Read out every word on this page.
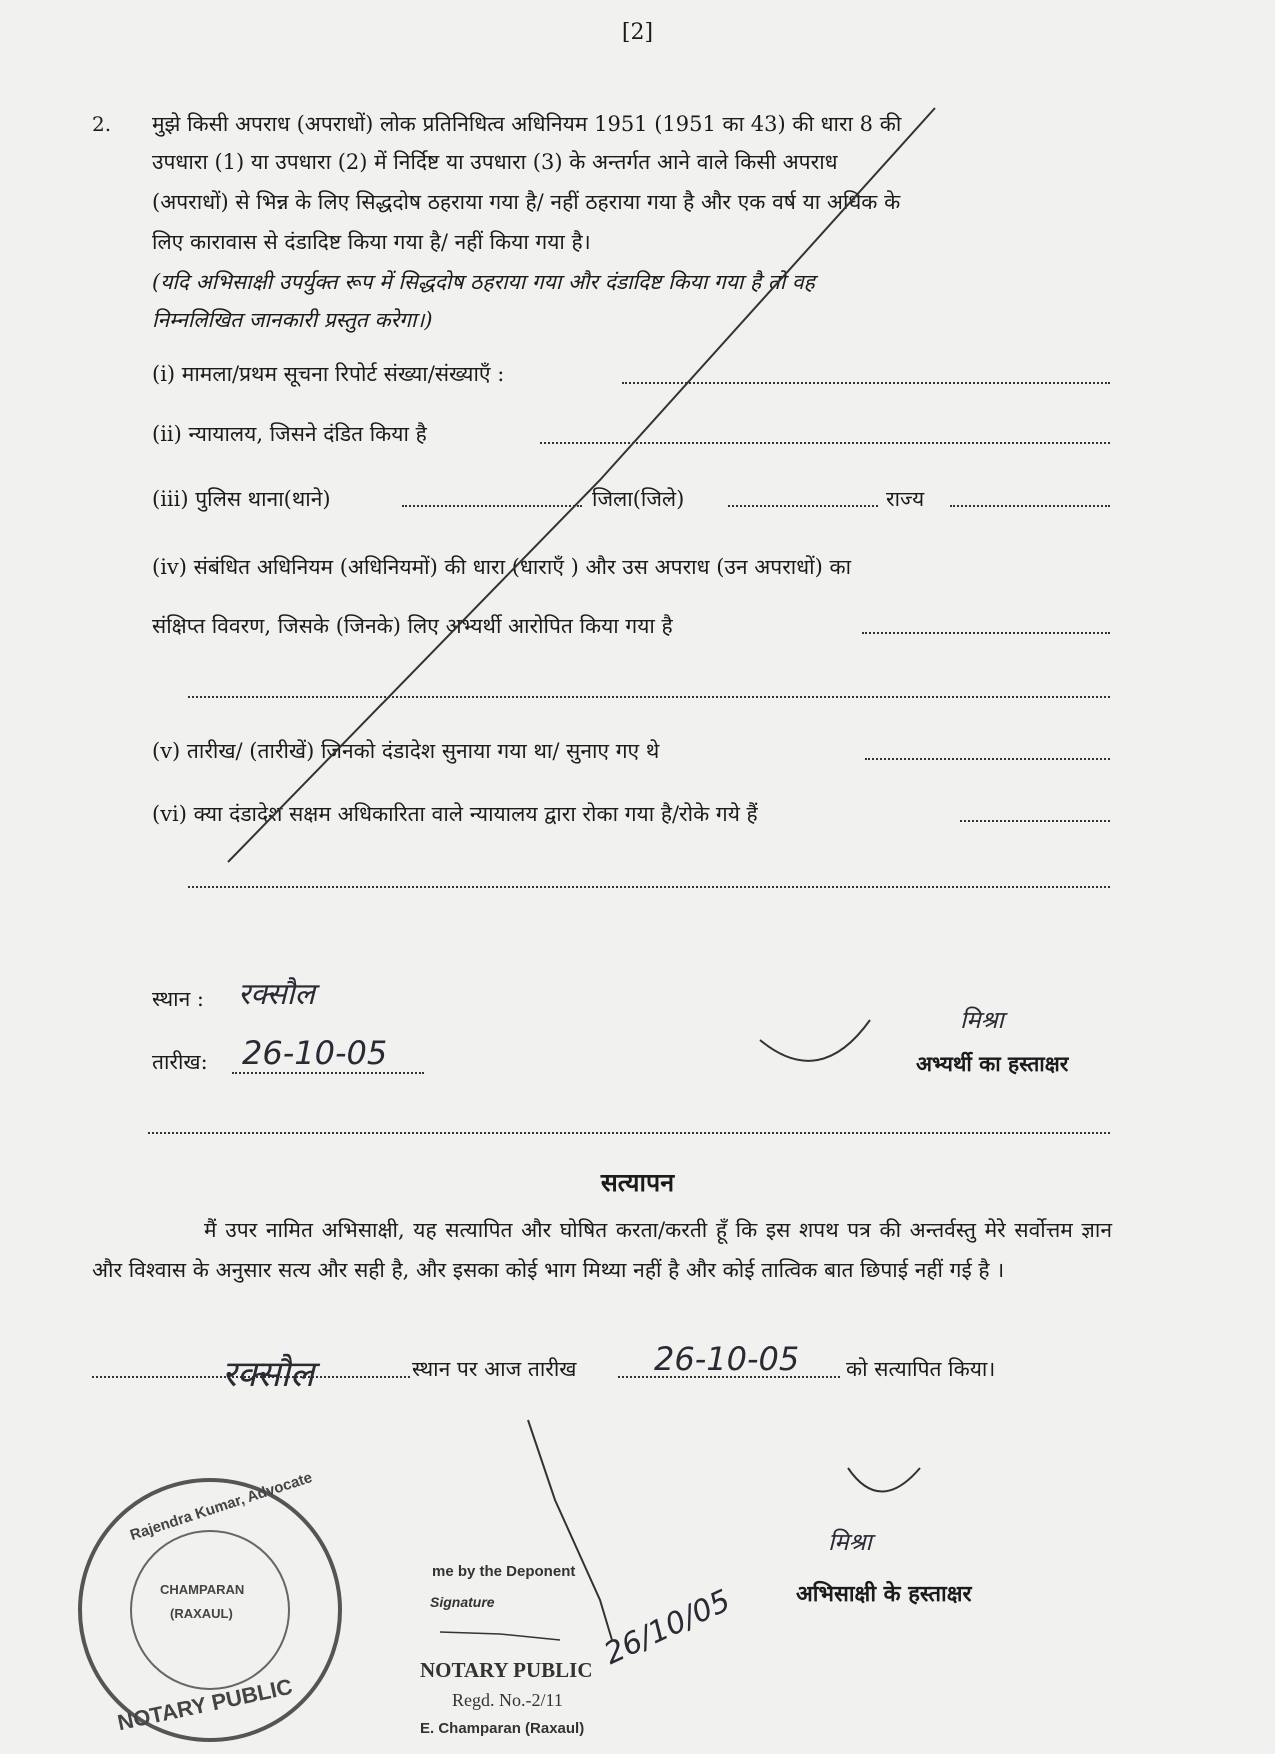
[2]
2. मुझे किसी अपराध (अपराधों) लोक प्रतिनिधित्व अधिनियम 1951 (1951 का 43) की धारा 8 की
उपधारा (1) या उपधारा (2) में निर्दिष्ट या उपधारा (3) के अन्तर्गत आने वाले किसी अपराध
(अपराधों) से भिन्न के लिए सिद्धदोष ठहराया गया है/ नहीं ठहराया गया है और एक वर्ष या अधिक के
लिए कारावास से दंडादिष्ट किया गया है/ नहीं किया गया है।
(यदि अभिसाक्षी उपर्युक्त रूप में सिद्धदोष ठहराया गया और दंडादिष्ट किया गया है तो वह
निम्नलिखित जानकारी प्रस्तुत करेगा।)
(i) मामला/प्रथम सूचना रिपोर्ट संख्या/संख्याएँ :
(ii) न्यायालय, जिसने दंडित किया है
(iii) पुलिस थाना(थाने)	जिला(जिले)	राज्य
(iv) संबंधित अधिनियम (अधिनियमों) की धारा (धाराएँ ) और उस अपराध (उन अपराधों) का
संक्षिप्त विवरण, जिसके (जिनके) लिए अभ्यर्थी आरोपित किया गया है
(v) तारीख/ (तारीखें) जिनको दंडादेश सुनाया गया था/ सुनाए गए थे
(vi) क्या दंडादेश सक्षम अधिकारिता वाले न्यायालय द्वारा रोका गया है/रोके गये हैं
स्थान : रक्सौल
तारीख: 26-10-05
मिश्रा
अभ्यर्थी का हस्ताक्षर
सत्यापन
मैं उपर नामित अभिसाक्षी, यह सत्यापित और घोषित करता/करती हूँ कि इस शपथ पत्र की अन्तर्वस्तु मेरे सर्वोत्तम ज्ञान और विश्वास के अनुसार सत्य और सही है, और इसका कोई भाग मिथ्या नहीं है और कोई तात्विक बात छिपाई नहीं गई है ।
रक्सौल	स्थान पर आज तारीख 26-10-05 को सत्यापित किया।
मिश्रा
अभिसाक्षी के हस्ताक्षर
Rajendra Kumar, Advocate
CHAMPARAN
(RAXAUL)
NOTARY PUBLIC
me by the Deponent
Signature	26/10/05
NOTARY PUBLIC
Regd. No.-2/11
E. Champaran (Raxaul)
